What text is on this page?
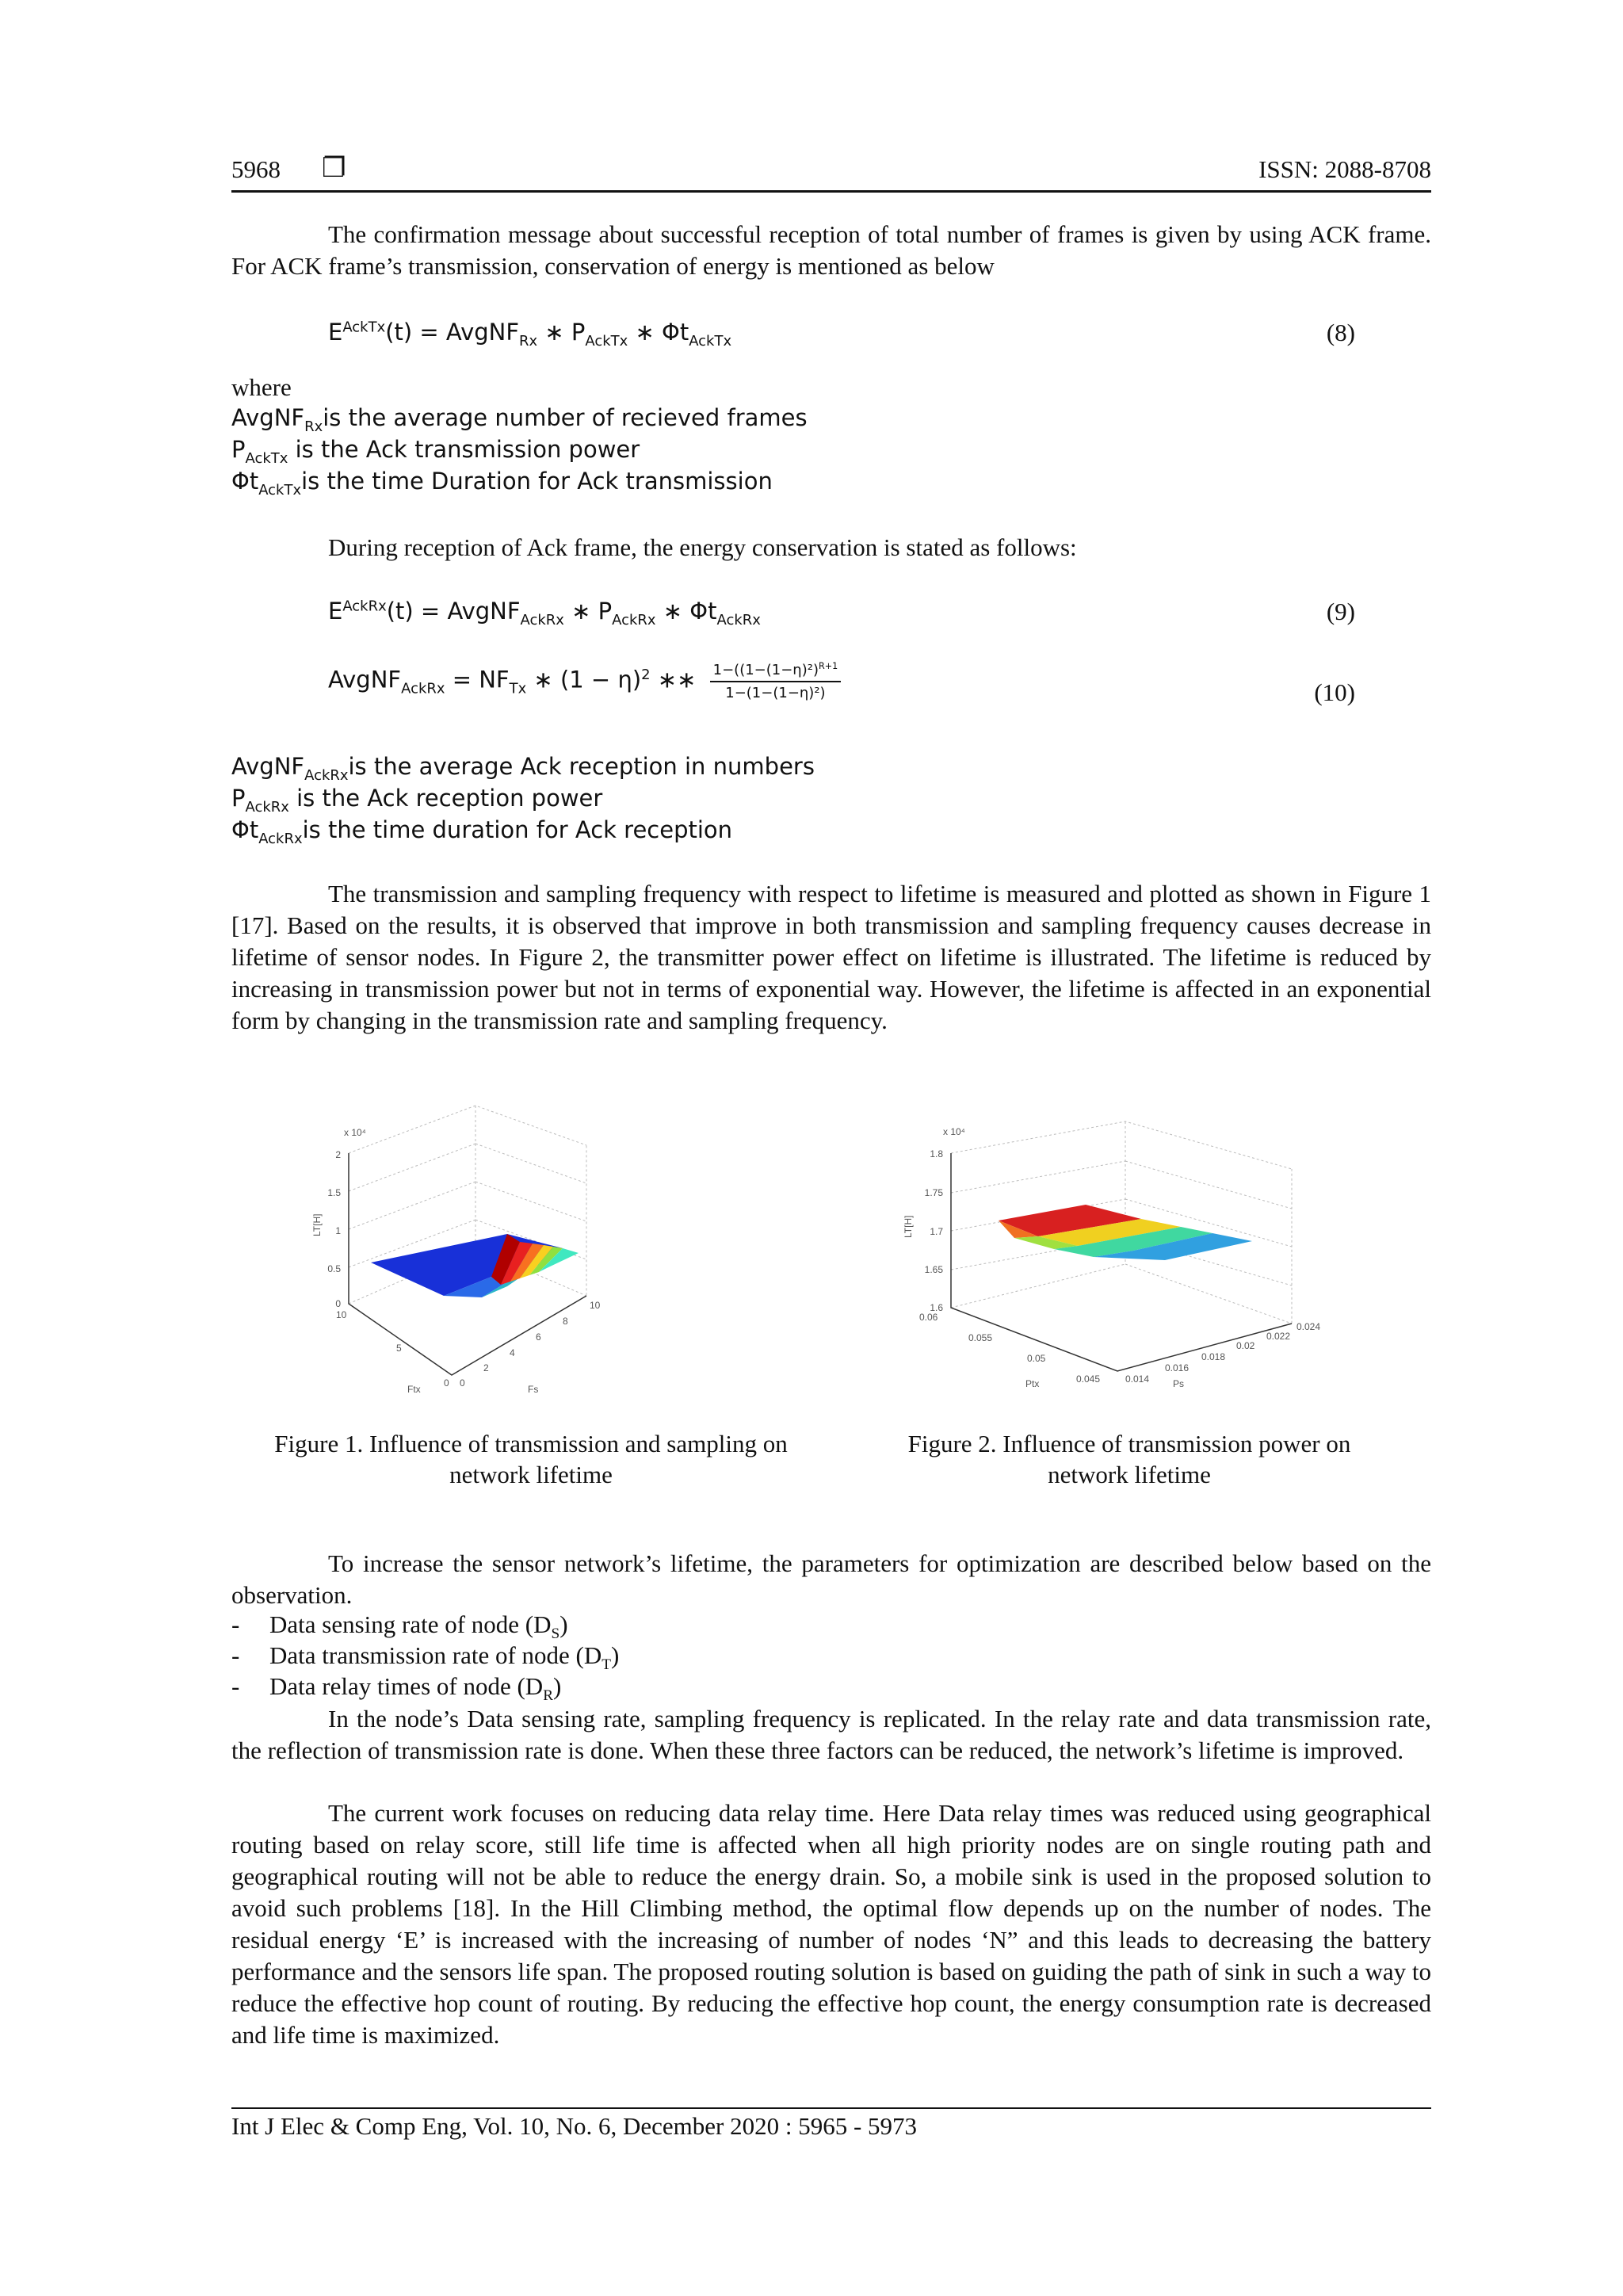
5968 ❐	ISSN: 2088-8708
The confirmation message about successful reception of total number of frames is given by using ACK frame. For ACK frame’s transmission, conservation of energy is mentioned as below
$E^{AckTx}(t)$ = AvgNF$_{Rx}$ ∗ $P_{AckTx}$ ∗ $\Phi t_{AckTx}$	(8)
where
AvgNF$_{Rx}$is the average number of recieved frames
$P_{AckTx}$ is the Ack transmission power
$\Phi t_{AckTx}is$ the time Duration for Ack transmission
During reception of Ack frame, the energy conservation is stated as follows:
$E^{AckRx}(t)$ = AvgNF$_{AckRx}$ ∗ $P_{AckRx}$ ∗ $\Phi t_{AckRx}$	(9)
AvgNF$_{AckRx}$ = $NF_{Tx}$ ∗ $(1 - \eta)^2$ ∗∗ $\frac{1-((1-(1-\eta)^2)^{R+1}}{\text{1−(1−(1−η)²)}}$	(10)
AvgNF$_{AckRx}$is the average Ack reception in numbers
$P_{AckRx}$ is the Ack reception power
$\Phi t_{AckRx}is$ the time duration for Ack reception
The transmission and sampling frequency with respect to lifetime is measured and plotted as shown in Figure 1 [17]. Based on the results, it is observed that improve in both transmission and sampling frequency causes decrease in lifetime of sensor nodes. In Figure 2, the transmitter power effect on lifetime is illustrated. The lifetime is reduced by increasing in transmission power but not in terms of exponential way. However, the lifetime is affected in an exponential form by changing in the transmission rate and sampling frequency.
x 10⁴
2
1.5
1
0.5
0
LT[H]
10
5
0
Ftx
0
2
4
6
8
10
Fs
x 10⁴
1.8
1.75
1.7
1.65
1.6
LT[H]
0.06
0.055
0.05
0.045
Ptx	0.014
0.016
0.018
0.02
0.022
0.024
Ps
Figure 1. Influence of transmission and sampling on network lifetime
Figure 2. Influence of transmission power on network lifetime
To increase the sensor network’s lifetime, the parameters for optimization are described below based on the observation.
- Data sensing rate of node $(D_S)$
- Data transmission rate of node $(D_T)$
- Data relay times of node $(D_R)$
In the node’s Data sensing rate, sampling frequency is replicated. In the relay rate and data transmission rate, the reflection of transmission rate is done. When these three factors can be reduced, the network’s lifetime is improved.
The current work focuses on reducing data relay time. Here Data relay times was reduced using geographical routing based on relay score, still life time is affected when all high priority nodes are on single routing path and geographical routing will not be able to reduce the energy drain. So, a mobile sink is used in the proposed solution to avoid such problems [18]. In the Hill Climbing method, the optimal flow depends up on the number of nodes. The residual energy ‘E’ is increased with the increasing of number of nodes ‘N” and this leads to decreasing the battery performance and the sensors life span. The proposed routing solution is based on guiding the path of sink in such a way to reduce the effective hop count of routing. By reducing the effective hop count, the energy consumption rate is decreased and life time is maximized.
Int J Elec & Comp Eng, Vol. 10, No. 6, December 2020 : 5965 - 5973
